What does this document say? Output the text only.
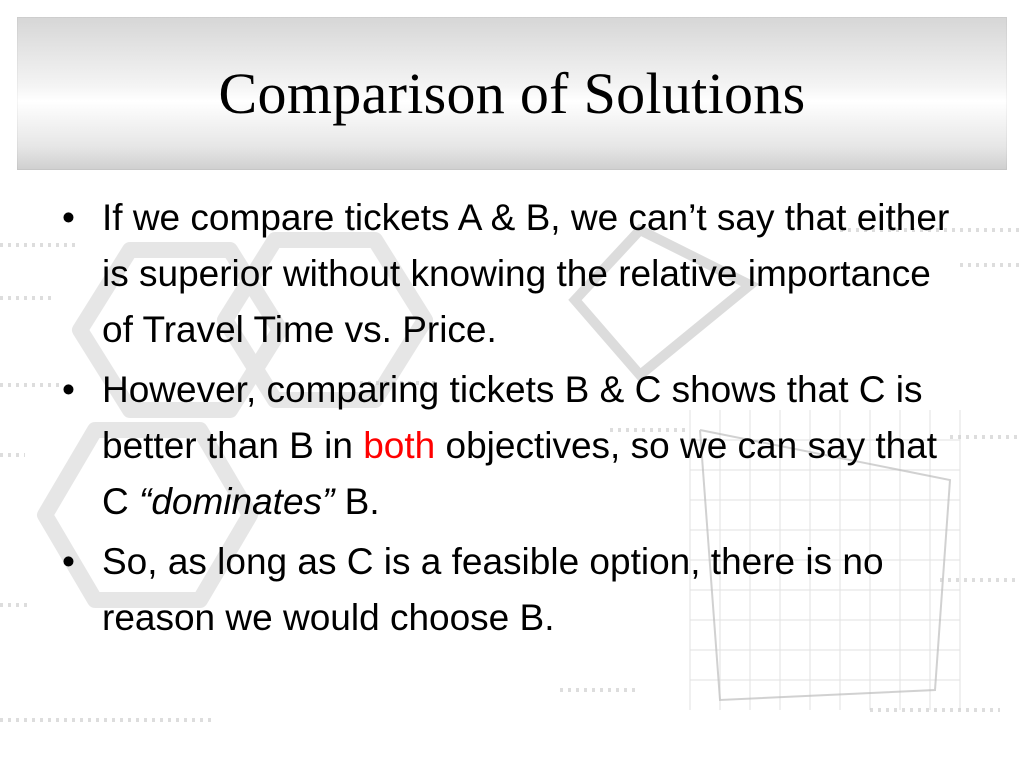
Comparison of Solutions
• If we compare tickets A & B, we can’t say that either is superior without knowing the relative importance of Travel Time vs. Price.
• However, comparing tickets B & C shows that C is better than B in both objectives, so we can say that C “dominates” B.
• So, as long as C is a feasible option, there is no reason we would choose B.
